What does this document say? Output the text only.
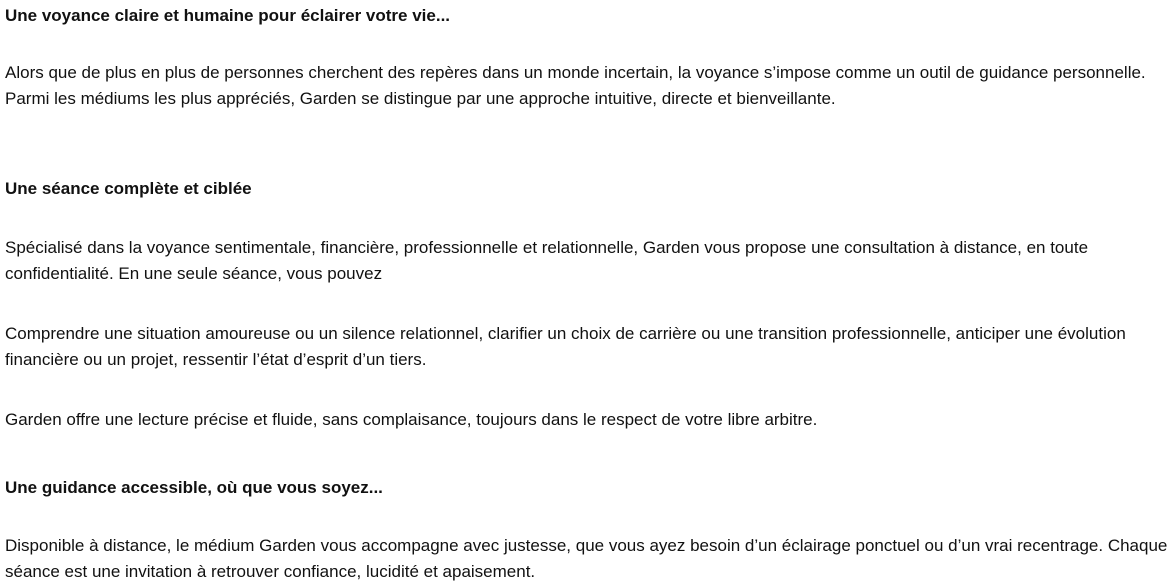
Une voyance claire et humaine pour éclairer votre vie...

Alors que de plus en plus de personnes cherchent des repères dans un monde incertain, la voyance s’impose comme un outil de guidance personnelle. Parmi les médiums les plus appréciés, Garden se distingue par une approche intuitive, directe et bienveillante.

Une séance complète et ciblée

Spécialisé dans la voyance sentimentale, financière, professionnelle et relationnelle, Garden vous propose une consultation à distance, en toute confidentialité. En une seule séance, vous pouvez

Comprendre une situation amoureuse ou un silence relationnel, clarifier un choix de carrière ou une transition professionnelle, anticiper une évolution financière ou un projet, ressentir l’état d’esprit d’un tiers.

Garden offre une lecture précise et fluide, sans complaisance, toujours dans le respect de votre libre arbitre.

Une guidance accessible, où que vous soyez...

Disponible à distance, le médium Garden vous accompagne avec justesse, que vous ayez besoin d’un éclairage ponctuel ou d’un vrai recentrage. Chaque séance est une invitation à retrouver confiance, lucidité et apaisement.
